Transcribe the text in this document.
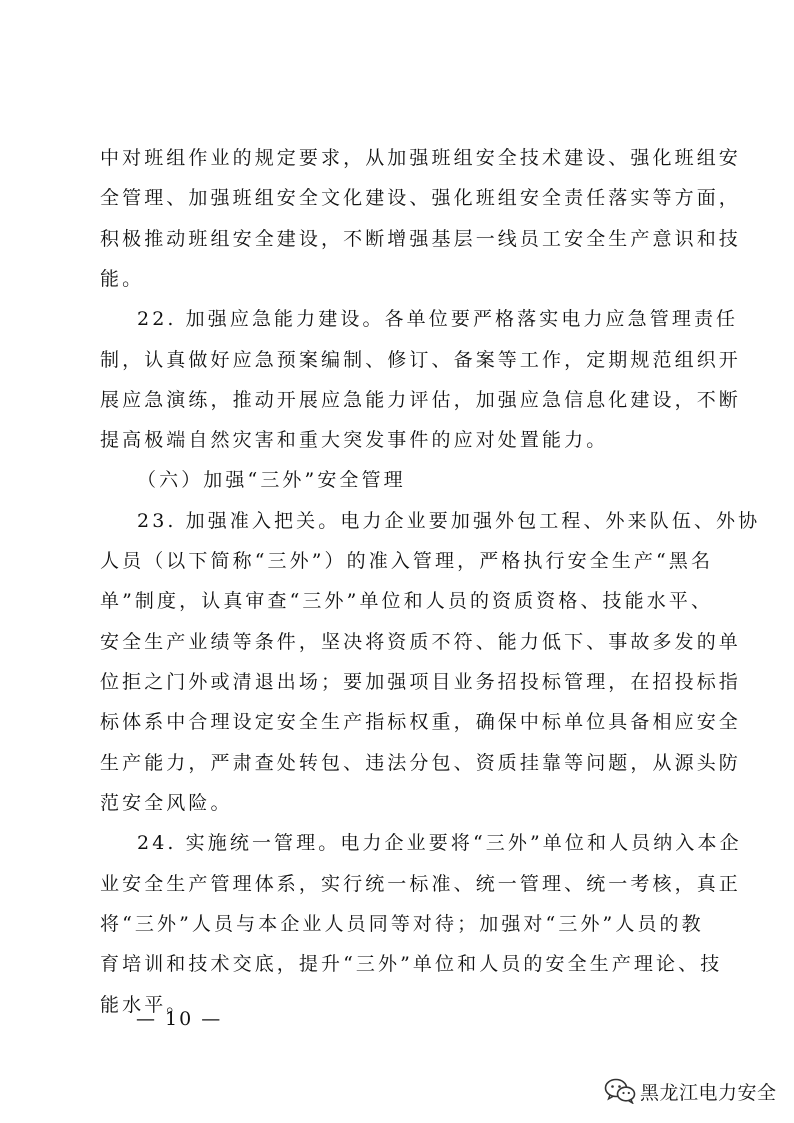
中对班组作业的规定要求，从加强班组安全技术建设、强化班组安
全管理、加强班组安全文化建设、强化班组安全责任落实等方面，
积极推动班组安全建设，不断增强基层一线员工安全生产意识和技
能。
22. 加强应急能力建设。各单位要严格落实电力应急管理责任
制，认真做好应急预案编制、修订、备案等工作，定期规范组织开
展应急演练，推动开展应急能力评估，加强应急信息化建设，不断
提高极端自然灾害和重大突发事件的应对处置能力。
（六）加强“三外”安全管理
23. 加强准入把关。电力企业要加强外包工程、外来队伍、外协
人员（以下简称“三外”）的准入管理，严格执行安全生产“黑名
单”制度，认真审查“三外”单位和人员的资质资格、技能水平、
安全生产业绩等条件，坚决将资质不符、能力低下、事故多发的单
位拒之门外或清退出场；要加强项目业务招投标管理，在招投标指
标体系中合理设定安全生产指标权重，确保中标单位具备相应安全
生产能力，严肃查处转包、违法分包、资质挂靠等问题，从源头防
范安全风险。
24. 实施统一管理。电力企业要将“三外”单位和人员纳入本企
业安全生产管理体系，实行统一标准、统一管理、统一考核，真正
将“三外”人员与本企业人员同等对待；加强对“三外”人员的教
育培训和技术交底，提升“三外”单位和人员的安全生产理论、技
能水平。
— 10 —
黑龙江电力安全
